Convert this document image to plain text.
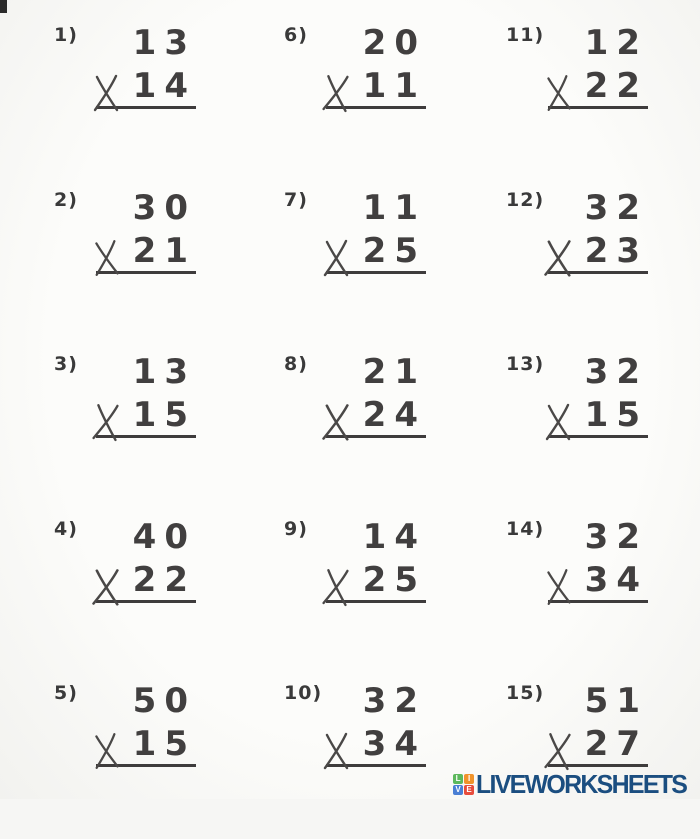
1)	13
14
2)	30
21
3)	13
15
4)	40
22
5)	50
15
6)	20
11
7)	11
25
8)	21
24
9)	14
25
10)	32
34
11)	12
22
12)	32
23
13)	32
15
14)	32
34
15)	51
27
L I
V E LIVEWORKSHEETS
